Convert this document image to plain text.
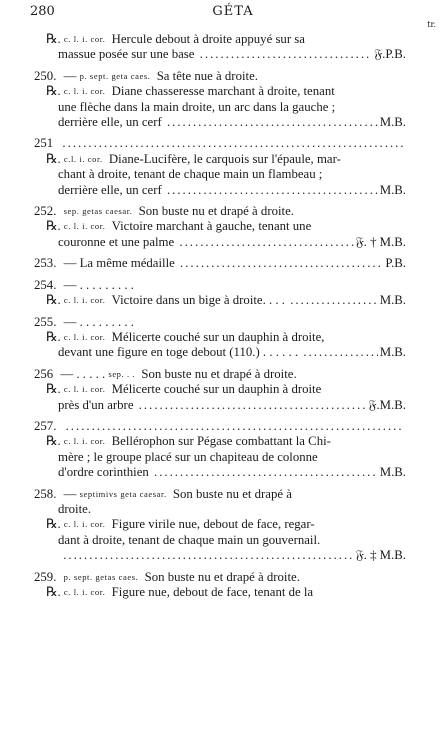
280	GÉTA
tr.
℞.
c. l. i. cor.
Hercule debout à droite appuyé sur sa

massue posée sur une base
.....	𝔉.P.B.
250.
—
p. sept. geta caes.
Sa tête nue à droite.

℞.
c. l. i. cor.
Diane chasseresse marchant à droite, tenant

une flèche dans la main droite, un arc dans la gauche ;

derrière elle, un cerf
.....	M.B.
251

.....
℞.
c.l. i. cor.
Diane-Lucifère, le carquois sur l'épaule, mar-

chant à droite, tenant de chaque main un flambeau ;

derrière elle, un cerf
.....	M.B.
252.
sep. getas caesar.
Son buste nu et drapé à droite.

℞.
c. l. i. cor.
Victoire marchant à gauche, tenant une

couronne et une palme
.....	𝔉. † M.B.
253.
— La même médaille
.....	P.B.
254.
— . . . . . . . . .

℞.
c. l. i. cor.
Victoire dans un bige à droite. . . .
.....	M.B.
255.
— . . . . . . . . .

℞.
c. l. i. cor.
Mélicerte couché sur un dauphin à droite,

devant une figure en toge debout (110.) . . . . . .
.....	M.B.
256
— . . . . .
sep. . .
Son buste nu et drapé à droite.

℞.
c. l. i. cor.
Mélicerte couché sur un dauphin à droite

près d'un arbre
.....	𝔉.M.B.
257.

.....
℞.
c. l. i. cor.
Bellérophon sur Pégase combattant la Chi-

mère ; le groupe placé sur un chapiteau de colonne

d'ordre corinthien
.....	M.B.
258.
—
septimivs geta caesar.
Son buste nu et drapé à

droite.

℞.
c. l. i. cor.
Figure virile nue, debout de face, regar-

dant à droite, tenant de chaque main un gouvernail.

.....
𝔉. ‡ M.B.
259.
p. sept. getas caes.
Son buste nu et drapé à droite.

℞.
c. l. i. cor.
Figure nue, debout de face, tenant de la
